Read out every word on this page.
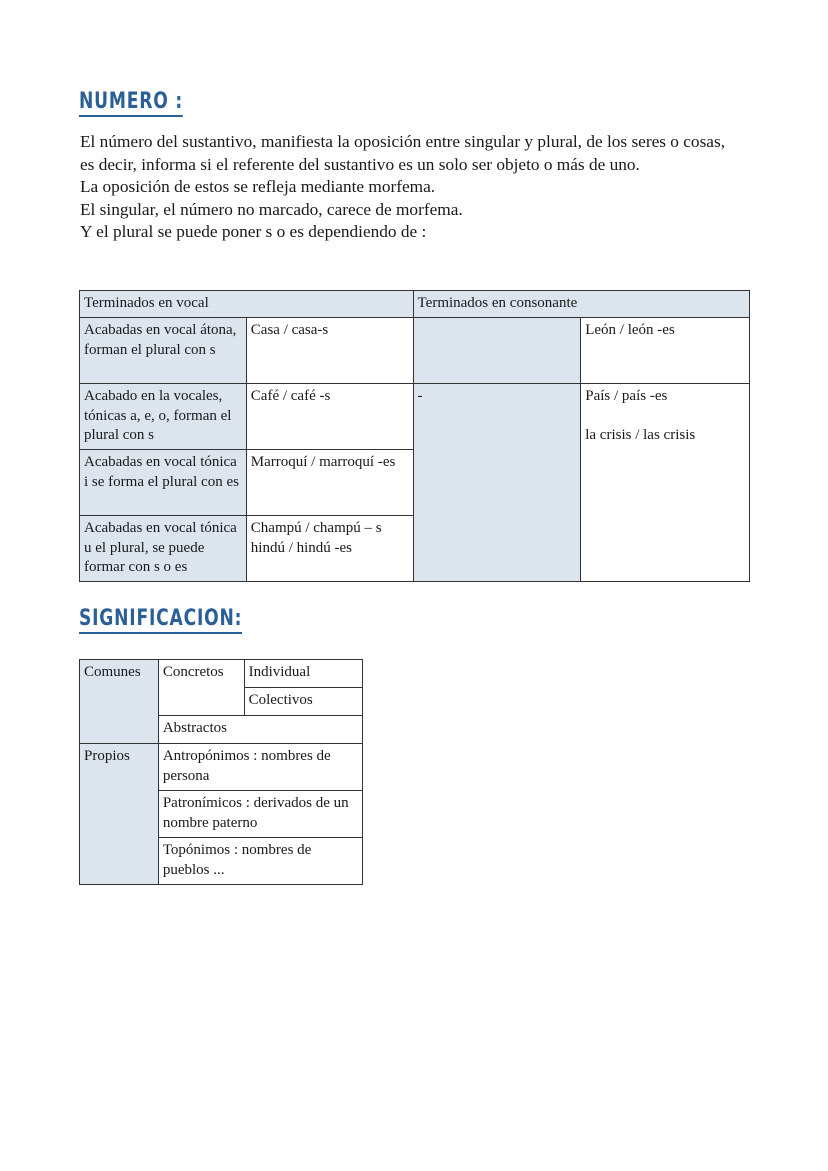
NUMERO :

El número del sustantivo, manifiesta la oposición entre singular y plural, de los seres o cosas, es decir, informa si el referente del sustantivo es un solo ser objeto o más de uno.

La oposición de estos se refleja mediante morfema.

El singular, el número no marcado, carece de morfema.

Y el plural se puede poner s o es dependiendo de :

Terminados en vocal		Terminados en consonante	
Acabadas en vocal átona, forman el plural con s	Casa / casa-s		León / león -es
Acabado en la vocales, tónicas a, e, o, forman el plural con s	Café / café -s	-	País / país -es
la crisis / las crisis
Acabadas en vocal tónica i se forma el plural con es	Marroquí / marroquí -es		
Acabadas en vocal tónica u el plural, se puede formar con s o es	Champú / champú – s
hindú / hindú -es		
SIGNIFICACION:
Comunes	Concretos	Individual
		Colectivos
	Abstractos	
Propios	Antropónimos : nombres de persona	
	Patronímicos : derivados de un nombre paterno	
	Topónimos : nombres de pueblos ...	
